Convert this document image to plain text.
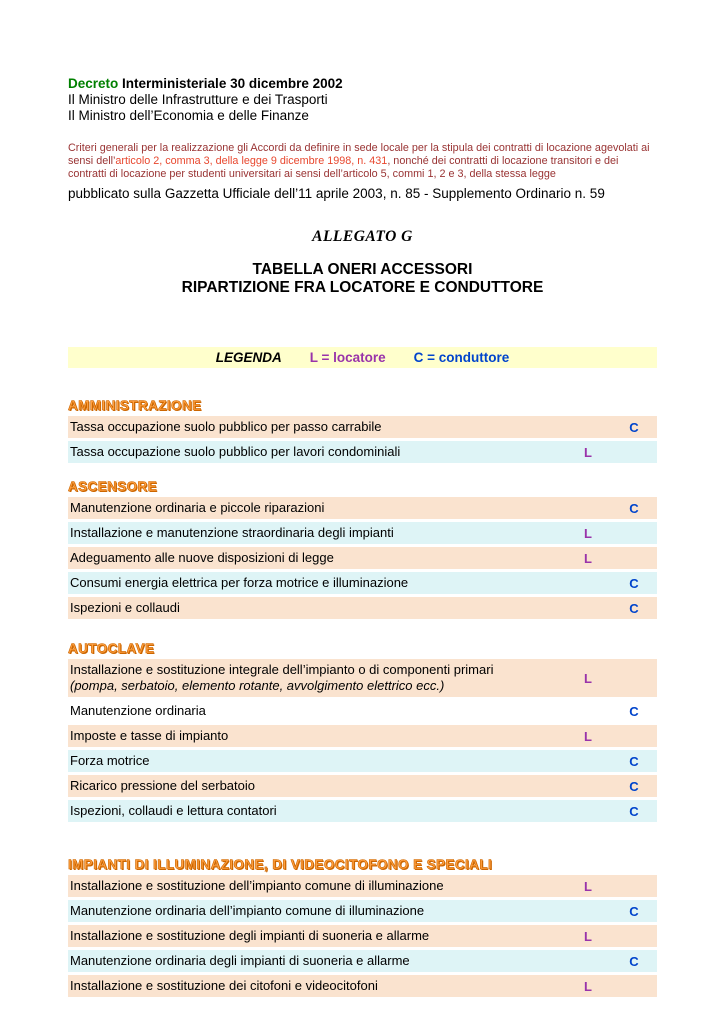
Decreto Interministeriale 30 dicembre 2002
Il Ministro delle Infrastrutture e dei Trasporti
Il Ministro dell’Economia e delle Finanze
Criteri generali per la realizzazione gli Accordi da definire in sede locale per la stipula dei contratti di locazione agevolati ai sensi dell’articolo 2, comma 3, della legge 9 dicembre 1998, n. 431, nonché dei contratti di locazione transitori e dei contratti di locazione per studenti universitari ai sensi dell’articolo 5, commi 1, 2 e 3, della stessa legge
pubblicato sulla Gazzetta Ufficiale dell’11 aprile 2003, n. 85 - Supplemento Ordinario n. 59
ALLEGATO G
TABELLA ONERI ACCESSORI
RIPARTIZIONE FRA LOCATORE E CONDUTTORE
LEGENDA L = locatore C = conduttore
AMMINISTRAZIONE
Tassa occupazione suolo pubblico per passo carrabile	C
Tassa occupazione suolo pubblico per lavori condominiali	L
ASCENSORE
Manutenzione ordinaria e piccole riparazioni	C
Installazione e manutenzione straordinaria degli impianti	L
Adeguamento alle nuove disposizioni di legge	L
Consumi energia elettrica per forza motrice e illuminazione	C
Ispezioni e collaudi	C
AUTOCLAVE
Installazione e sostituzione integrale dell’impianto o di componenti primari
(pompa, serbatoio, elemento rotante, avvolgimento elettrico ecc.)	L
Manutenzione ordinaria	C
Imposte e tasse di impianto	L
Forza motrice	C
Ricarico pressione del serbatoio	C
Ispezioni, collaudi e lettura contatori	C
IMPIANTI DI ILLUMINAZIONE, DI VIDEOCITOFONO E SPECIALI
Installazione e sostituzione dell’impianto comune di illuminazione	L
Manutenzione ordinaria dell’impianto comune di illuminazione	C
Installazione e sostituzione degli impianti di suoneria e allarme	L
Manutenzione ordinaria degli impianti di suoneria e allarme	C
Installazione e sostituzione dei citofoni e videocitofoni	L
